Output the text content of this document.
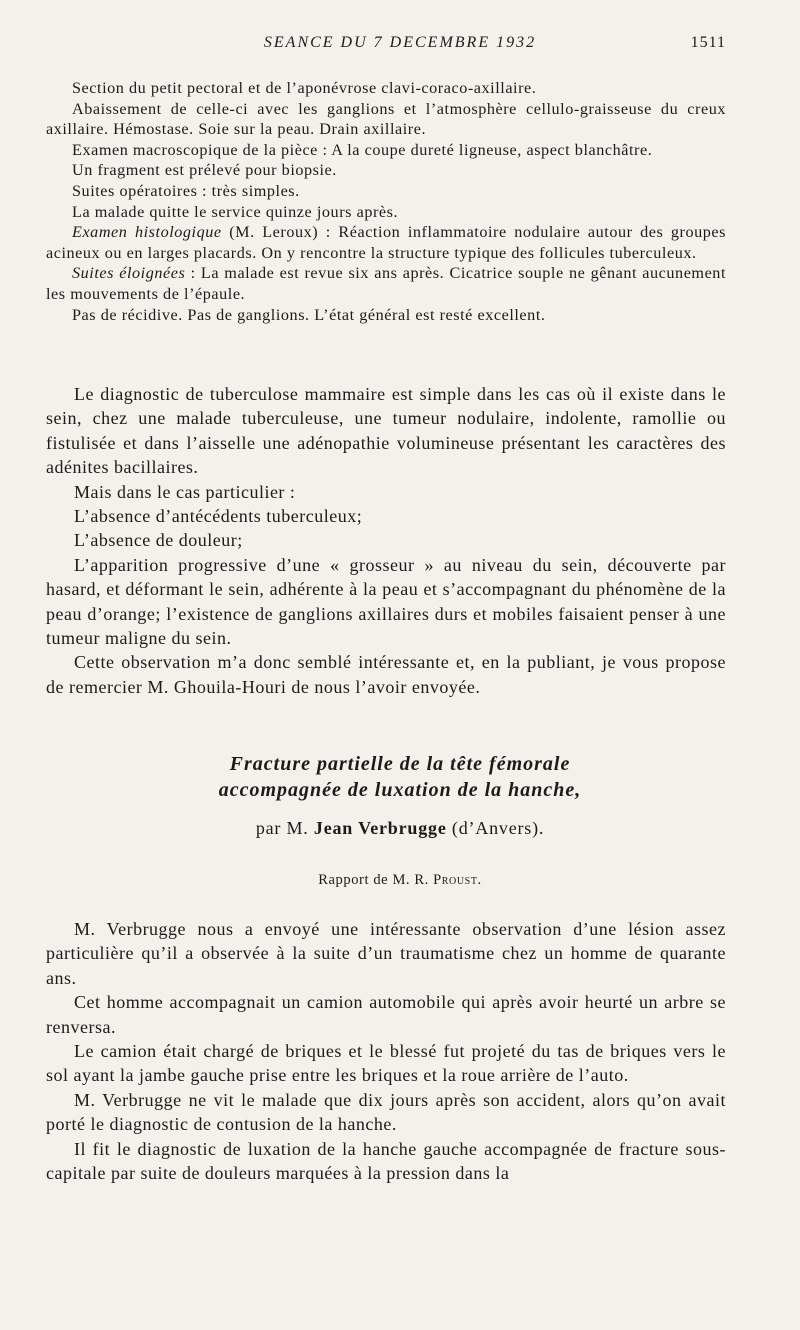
SEANCE DU 7 DECEMBRE 1932	1511

Section du petit pectoral et de l’aponévrose clavi-coraco-axillaire.

Abaissement de celle-ci avec les ganglions et l’atmosphère cellulo-graisseuse du creux axillaire. Hémostase. Soie sur la peau. Drain axillaire.

Examen macroscopique de la pièce : A la coupe dureté ligneuse, aspect blanchâtre.

Un fragment est prélevé pour biopsie.

Suites opératoires : très simples.

La malade quitte le service quinze jours après.

Examen histologique (M. Leroux) : Réaction inflammatoire nodulaire autour des groupes acineux ou en larges placards. On y rencontre la structure typique des follicules tuberculeux.

Suites éloignées : La malade est revue six ans après. Cicatrice souple ne gênant aucunement les mouvements de l’épaule.

Pas de récidive. Pas de ganglions. L’état général est resté excellent.

Le diagnostic de tuberculose mammaire est simple dans les cas où il existe dans le sein, chez une malade tuberculeuse, une tumeur nodulaire, indolente, ramollie ou fistulisée et dans l’aisselle une adénopathie volumineuse présentant les caractères des adénites bacillaires.

Mais dans le cas particulier :

L’absence d’antécédents tuberculeux;

L’absence de douleur;

L’apparition progressive d’une « grosseur » au niveau du sein, découverte par hasard, et déformant le sein, adhérente à la peau et s’accompagnant du phénomène de la peau d’orange; l’existence de ganglions axillaires durs et mobiles faisaient penser à une tumeur maligne du sein.

Cette observation m’a donc semblé intéressante et, en la publiant, je vous propose de remercier M. Ghouila-Houri de nous l’avoir envoyée.

Fracture partielle de la tête fémorale
accompagnée de luxation de la hanche,
par M. Jean Verbrugge (d’Anvers).
Rapport de M. R. Proust.

M. Verbrugge nous a envoyé une intéressante observation d’une lésion assez particulière qu’il a observée à la suite d’un traumatisme chez un homme de quarante ans.

Cet homme accompagnait un camion automobile qui après avoir heurté un arbre se renversa.

Le camion était chargé de briques et le blessé fut projeté du tas de briques vers le sol ayant la jambe gauche prise entre les briques et la roue arrière de l’auto.

M. Verbrugge ne vit le malade que dix jours après son accident, alors qu’on avait porté le diagnostic de contusion de la hanche.

Il fit le diagnostic de luxation de la hanche gauche accompagnée de fracture sous-capitale par suite de douleurs marquées à la pression dans la
